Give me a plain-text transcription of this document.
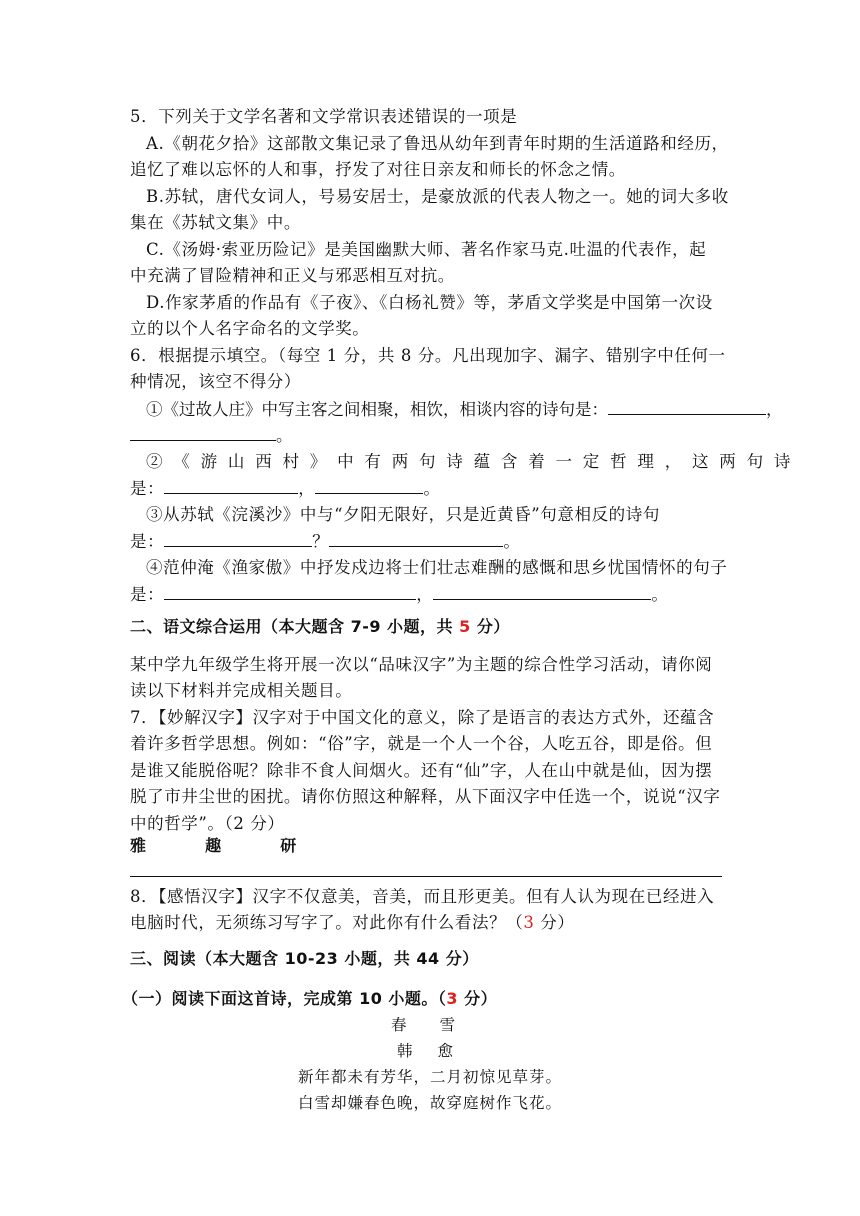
5．下列关于文学名著和文学常识表述错误的一项是
A.《朝花夕拾》这部散文集记录了鲁迅从幼年到青年时期的生活道路和经历，
追忆了难以忘怀的人和事，抒发了对往日亲友和师长的怀念之情。
B.苏轼，唐代女词人，号易安居士，是豪放派的代表人物之一。她的词大多收
集在《苏轼文集》中。
C.《汤姆·索亚历险记》是美国幽默大师、著名作家马克.吐温的代表作，起
中充满了冒险精神和正义与邪恶相互对抗。
D.作家茅盾的作品有《子夜》、《白杨礼赞》等，茅盾文学奖是中国第一次设
立的以个人名字命名的文学奖。
6．根据提示填空。（每空 1 分，共 8 分。凡出现加字、漏字、错别字中任何一
种情况，该空不得分）
①《过故人庄》中写主客之间相聚，相饮，相谈内容的诗句是：	，
。
②《游山西村》中有两句诗蕴含着一定哲理，这两句诗
是：	，	。
③从苏轼《浣溪沙》中与“夕阳无限好，只是近黄昏”句意相反的诗句
是：	？	。
④范仲淹《渔家傲》中抒发戍边将士们壮志难酬的感慨和思乡忧国情怀的句子
是：	，	。
二、语文综合运用（本大题含 7-9 小题，共 5 分）
某中学九年级学生将开展一次以“品味汉字”为主题的综合性学习活动，请你阅
读以下材料并完成相关题目。
7．【妙解汉字】汉字对于中国文化的意义，除了是语言的表达方式外，还蕴含
着许多哲学思想。例如：“俗”字，就是一个人一个谷，人吃五谷，即是俗。但
是谁又能脱俗呢？除非不食人间烟火。还有“仙”字，人在山中就是仙，因为摆
脱了市井尘世的困扰。请你仿照这种解释，从下面汉字中任选一个，说说“汉字
中的哲学”。（2 分）
雅  趣  研
8．【感悟汉字】汉字不仅意美，音美，而且形更美。但有人认为现在已经进入
电脑时代，无须练习写字了。对此你有什么看法？（3 分）
三、阅读（本大题含 10-23 小题，共 44 分）
（一）阅读下面这首诗，完成第 10 小题。（3 分）
春 雪
韩 愈
新年都未有芳华，二月初惊见草芽。
白雪却嫌春色晚，故穿庭树作飞花。
